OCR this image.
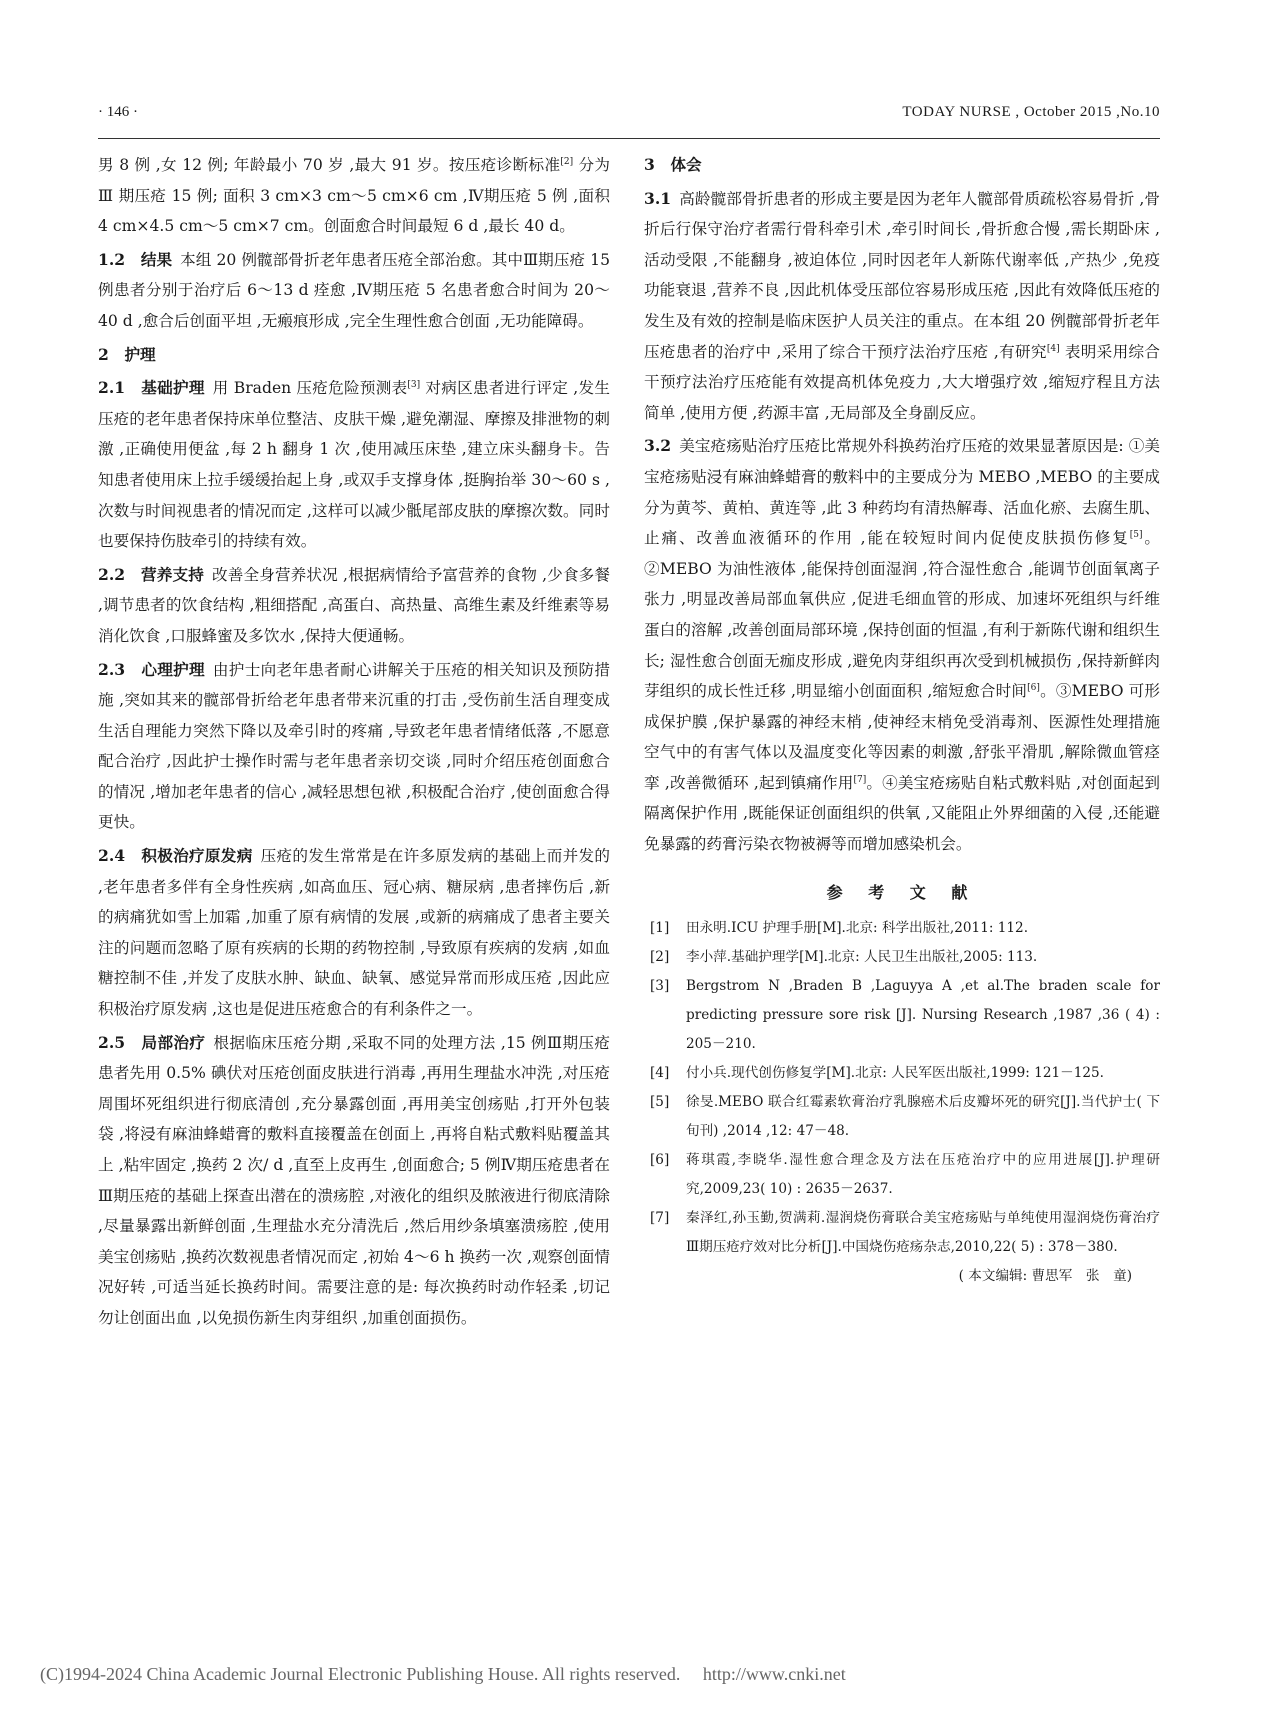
· 146 ·	TODAY NURSE , October 2015 ,No.10

男 8 例 ,女 12 例; 年龄最小 70 岁 ,最大 91 岁。按压疮诊断标准[2] 分为 Ⅲ 期压疮 15 例; 面积 3 cm×3 cm～5 cm×6 cm ,Ⅳ期压疮 5 例 ,面积 4 cm×4.5 cm～5 cm×7 cm。创面愈合时间最短 6 d ,最长 40 d。

1.2　结果 本组 20 例髋部骨折老年患者压疮全部治愈。其中Ⅲ期压疮 15 例患者分别于治疗后 6～13 d 痊愈 ,Ⅳ期压疮 5 名患者愈合时间为 20～40 d ,愈合后创面平坦 ,无瘢痕形成 ,完全生理性愈合创面 ,无功能障碍。

2　护理

2.1　基础护理 用 Braden 压疮危险预测表[3] 对病区患者进行评定 ,发生压疮的老年患者保持床单位整洁、皮肤干燥 ,避免潮湿、摩擦及排泄物的刺激 ,正确使用便盆 ,每 2 h 翻身 1 次 ,使用减压床垫 ,建立床头翻身卡。告知患者使用床上拉手缓缓抬起上身 ,或双手支撑身体 ,挺胸抬举 30～60 s ,次数与时间视患者的情况而定 ,这样可以减少骶尾部皮肤的摩擦次数。同时也要保持伤肢牵引的持续有效。

2.2　营养支持 改善全身营养状况 ,根据病情给予富营养的食物 ,少食多餐 ,调节患者的饮食结构 ,粗细搭配 ,高蛋白、高热量、高维生素及纤维素等易消化饮食 ,口服蜂蜜及多饮水 ,保持大便通畅。

2.3　心理护理 由护士向老年患者耐心讲解关于压疮的相关知识及预防措施 ,突如其来的髋部骨折给老年患者带来沉重的打击 ,受伤前生活自理变成生活自理能力突然下降以及牵引时的疼痛 ,导致老年患者情绪低落 ,不愿意配合治疗 ,因此护士操作时需与老年患者亲切交谈 ,同时介绍压疮创面愈合的情况 ,增加老年患者的信心 ,减轻思想包袱 ,积极配合治疗 ,使创面愈合得更快。

2.4　积极治疗原发病 压疮的发生常常是在许多原发病的基础上而并发的 ,老年患者多伴有全身性疾病 ,如高血压、冠心病、糖尿病 ,患者摔伤后 ,新的病痛犹如雪上加霜 ,加重了原有病情的发展 ,或新的病痛成了患者主要关注的问题而忽略了原有疾病的长期的药物控制 ,导致原有疾病的发病 ,如血糖控制不佳 ,并发了皮肤水肿、缺血、缺氧、感觉异常而形成压疮 ,因此应积极治疗原发病 ,这也是促进压疮愈合的有利条件之一。

2.5　局部治疗 根据临床压疮分期 ,采取不同的处理方法 ,15 例Ⅲ期压疮患者先用 0.5% 碘伏对压疮创面皮肤进行消毒 ,再用生理盐水冲洗 ,对压疮周围坏死组织进行彻底清创 ,充分暴露创面 ,再用美宝创疡贴 ,打开外包装袋 ,将浸有麻油蜂蜡膏的敷料直接覆盖在创面上 ,再将自粘式敷料贴覆盖其上 ,粘牢固定 ,换药 2 次/ d ,直至上皮再生 ,创面愈合; 5 例Ⅳ期压疮患者在Ⅲ期压疮的基础上探查出潜在的溃疡腔 ,对液化的组织及脓液进行彻底清除 ,尽量暴露出新鲜创面 ,生理盐水充分清洗后 ,然后用纱条填塞溃疡腔 ,使用美宝创疡贴 ,换药次数视患者情况而定 ,初始 4～6 h 换药一次 ,观察创面情况好转 ,可适当延长换药时间。需要注意的是: 每次换药时动作轻柔 ,切记勿让创面出血 ,以免损伤新生肉芽组织 ,加重创面损伤。

3　体会

3.1 高龄髋部骨折患者的形成主要是因为老年人髋部骨质疏松容易骨折 ,骨折后行保守治疗者需行骨科牵引术 ,牵引时间长 ,骨折愈合慢 ,需长期卧床 ,活动受限 ,不能翻身 ,被迫体位 ,同时因老年人新陈代谢率低 ,产热少 ,免疫功能衰退 ,营养不良 ,因此机体受压部位容易形成压疮 ,因此有效降低压疮的发生及有效的控制是临床医护人员关注的重点。在本组 20 例髋部骨折老年压疮患者的治疗中 ,采用了综合干预疗法治疗压疮 ,有研究[4] 表明采用综合干预疗法治疗压疮能有效提高机体免疫力 ,大大增强疗效 ,缩短疗程且方法简单 ,使用方便 ,药源丰富 ,无局部及全身副反应。

3.2 美宝疮疡贴治疗压疮比常规外科换药治疗压疮的效果显著原因是: ①美宝疮疡贴浸有麻油蜂蜡膏的敷料中的主要成分为 MEBO ,MEBO 的主要成分为黄芩、黄柏、黄连等 ,此 3 种药均有清热解毒、活血化瘀、去腐生肌、止痛、改善血液循环的作用 ,能在较短时间内促使皮肤损伤修复[5]。②MEBO 为油性液体 ,能保持创面湿润 ,符合湿性愈合 ,能调节创面氧离子张力 ,明显改善局部血氧供应 ,促进毛细血管的形成、加速坏死组织与纤维蛋白的溶解 ,改善创面局部环境 ,保持创面的恒温 ,有利于新陈代谢和组织生长; 湿性愈合创面无痂皮形成 ,避免肉芽组织再次受到机械损伤 ,保持新鲜肉芽组织的成长性迁移 ,明显缩小创面面积 ,缩短愈合时间[6]。③MEBO 可形成保护膜 ,保护暴露的神经末梢 ,使神经末梢免受消毒剂、医源性处理措施空气中的有害气体以及温度变化等因素的刺激 ,舒张平滑肌 ,解除微血管痉挛 ,改善微循环 ,起到镇痛作用[7]。④美宝疮疡贴自粘式敷料贴 ,对创面起到隔离保护作用 ,既能保证创面组织的供氧 ,又能阻止外界细菌的入侵 ,还能避免暴露的药膏污染衣物被褥等而增加感染机会。

参 考 文 献
[1] 田永明.ICU 护理手册[M].北京: 科学出版社,2011: 112.
[2] 李小萍.基础护理学[M].北京: 人民卫生出版社,2005: 113.
[3] Bergstrom N ,Braden B ,Laguyya A ,et al.The braden scale for predicting pressure sore risk [J]. Nursing Research ,1987 ,36 ( 4) : 205－210.
[4] 付小兵.现代创伤修复学[M].北京: 人民军医出版社,1999: 121－125.
[5] 徐旻.MEBO 联合红霉素软膏治疗乳腺癌术后皮瓣坏死的研究[J].当代护士( 下旬刊) ,2014 ,12: 47－48.
[6] 蒋琪霞,李晓华.湿性愈合理念及方法在压疮治疗中的应用进展[J].护理研究,2009,23( 10) : 2635－2637.
[7] 秦泽红,孙玉勤,贺满莉.湿润烧伤膏联合美宝疮疡贴与单纯使用湿润烧伤膏治疗Ⅲ期压疮疗效对比分析[J].中国烧伤疮疡杂志,2010,22( 5) : 378－380.
( 本文编辑: 曹思军　张　童)
(C)1994-2024 China Academic Journal Electronic Publishing House. All rights reserved.　 http://www.cnki.net
